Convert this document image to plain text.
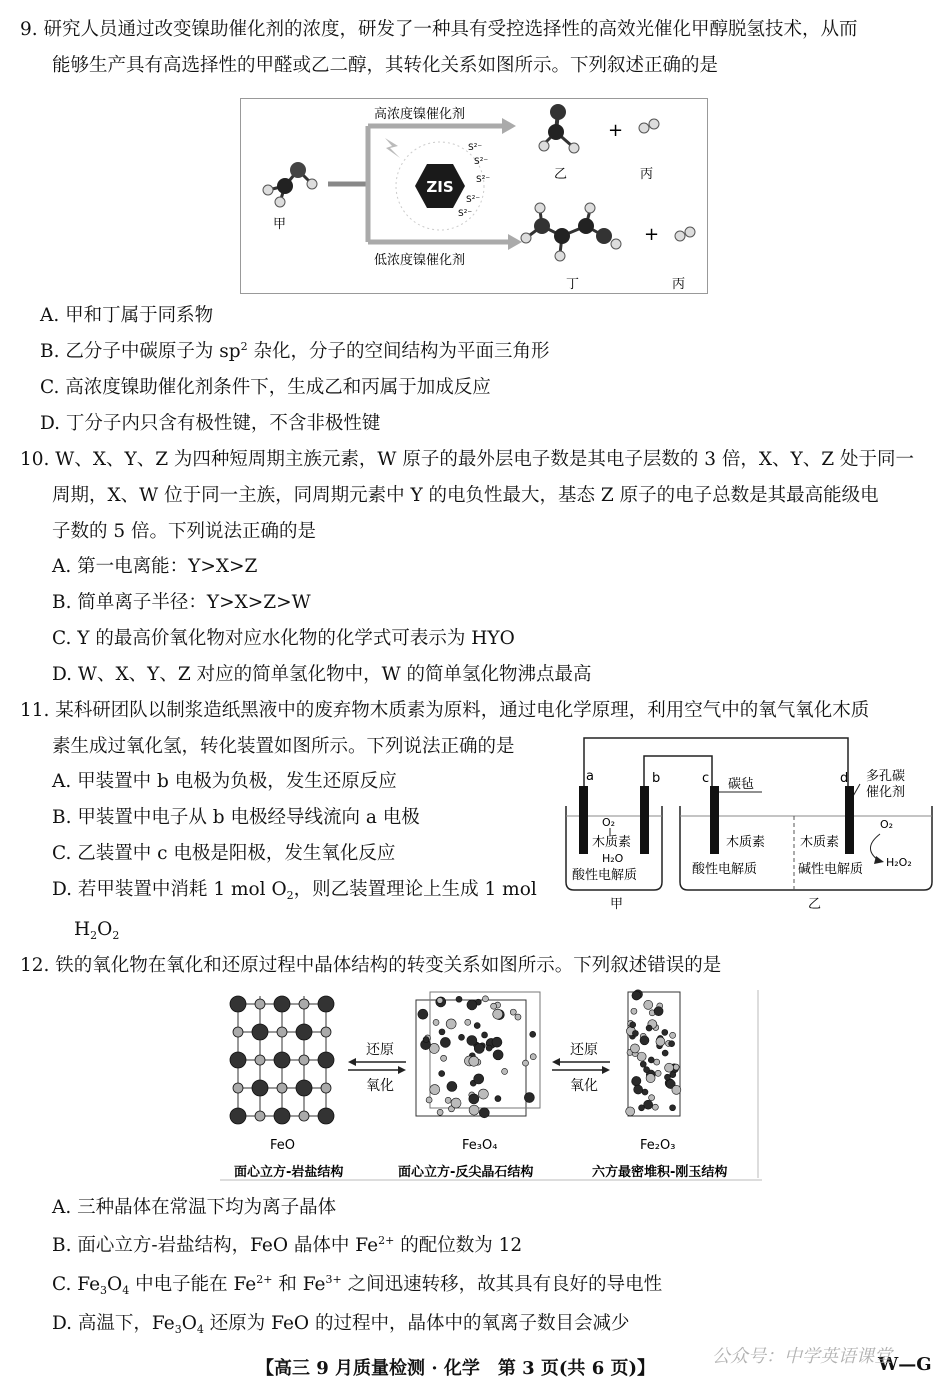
9. 研究人员通过改变镍助催化剂的浓度，研发了一种具有受控选择性的高效光催化甲醇脱氢技术，从而
能够生产具有高选择性的甲醛或乙二醇，其转化关系如图所示。下列叙述正确的是
甲
高浓度镍催化剂
低浓度镍催化剂
ZIS
S²⁻
S²⁻
S²⁻
S²⁻
S²⁻
乙
+
丙
丁
+
丙
A. 甲和丁属于同系物
B. 乙分子中碳原子为 $sp^2$ 杂化，分子的空间结构为平面三角形
C. 高浓度镍助催化剂条件下，生成乙和丙属于加成反应
D. 丁分子内只含有极性键，不含非极性键
10. W、X、Y、Z 为四种短周期主族元素，W 原子的最外层电子数是其电子层数的 3 倍，X、Y、Z 处于同一
周期，X、W 位于同一主族，同周期元素中 Y 的电负性最大，基态 Z 原子的电子总数是其最高能级电
子数的 5 倍。下列说法正确的是
A. 第一电离能：Y>X>Z
B. 简单离子半径：Y>X>Z>W
C. Y 的最高价氧化物对应水化物的化学式可表示为 HYO
D. W、X、Y、Z 对应的简单氢化物中，W 的简单氢化物沸点最高
11. 某科研团队以制浆造纸黑液中的废弃物木质素为原料，通过电化学原理，利用空气中的氧气氧化木质
素生成过氧化氢，转化装置如图所示。下列说法正确的是
A. 甲装置中 b 电极为负极，发生还原反应
B. 甲装置中电子从 b 电极经导线流向 a 电极
C. 乙装置中 c 电极是阳极，发生氧化反应
D. 若甲装置中消耗 1 mol $O_2$，则乙装置理论上生成 1 mol
$H_2O_2$
a	b	c	d
碳毡
多孔碳
催化剂
O₂
木质素
H₂O
酸性电解质
甲
木质素
酸性电解质
木质素
碱性电解质
O₂
H₂O₂
乙
12. 铁的氧化物在氧化和还原过程中晶体结构的转变关系如图所示。下列叙述错误的是
还原
氧化
还原
氧化
FeO	Fe₃O₄	Fe₂O₃
面心立方-岩盐结构	面心立方-反尖晶石结构	六方最密堆积-刚玉结构
A. 三种晶体在常温下均为离子晶体
B. 面心立方-岩盐结构，FeO 晶体中 $Fe^{2+}$ 的配位数为 12
C. $Fe_3O_4$ 中电子能在 $Fe^{2+}$ 和 $Fe^{3+}$ 之间迅速转移，故其具有良好的导电性
D. 高温下，$Fe_3O_4$ 还原为 FeO 的过程中，晶体中的氧离子数目会减少
【高三 9 月质量检测 · 化学　第 3 页(共 6 页)】	W—G
公众号：中学英语课堂
